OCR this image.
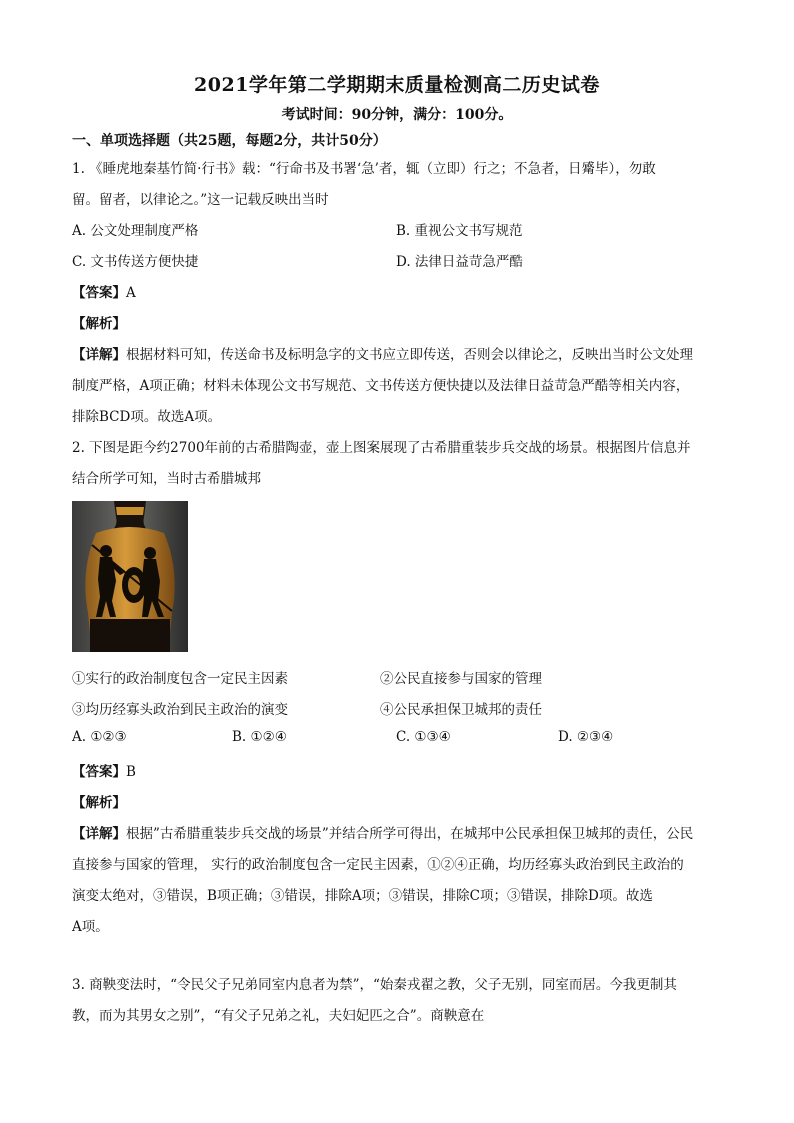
2021学年第二学期期末质量检测高二历史试卷
考试时间：90分钟，满分：100分。
一、单项选择题（共25题，每题2分，共计50分）
1. 《睡虎地秦基竹简·行书》载：“行命书及书署‘急’者，辄（立即）行之；不急者，日觱毕），勿敢
留。留者，以律论之。”这一记载反映出当时
A. 公文处理制度严格	B. 重视公文书写规范
C. 文书传送方便快捷	D. 法律日益苛急严酷
【答案】A
【解析】
【详解】根据材料可知，传送命书及标明急字的文书应立即传送，否则会以律论之，反映出当时公文处理
制度严格，A项正确；材料未体现公文书写规范、文书传送方便快捷以及法律日益苛急严酷等相关内容，
排除BCD项。故选A项。
2. 下图是距今约2700年前的古希腊陶壶，壶上图案展现了古希腊重装步兵交战的场景。根据图片信息并
结合所学可知，当时古希腊城邦
①实行的政治制度包含一定民主因素	②公民直接参与国家的管理
③均历经寡头政治到民主政治的演变	④公民承担保卫城邦的责任
A. ①②③	B. ①②④	C. ①③④	D. ②③④
【答案】B
【解析】
【详解】根据”古希腊重装步兵交战的场景”并结合所学可得出，在城邦中公民承担保卫城邦的责任，公民
直接参与国家的管理， 实行的政治制度包含一定民主因素，①②④正确，均历经寡头政治到民主政治的
演变太绝对，③错误，B项正确；③错误，排除A项；③错误，排除C项；③错误，排除D项。故选
A项。
3. 商鞅变法时，“令民父子兄弟同室内息者为禁”，“始秦戎翟之教，父子无别，同室而居。今我更制其
教，而为其男女之别”，“有父子兄弟之礼，夫妇妃匹之合”。商鞅意在
